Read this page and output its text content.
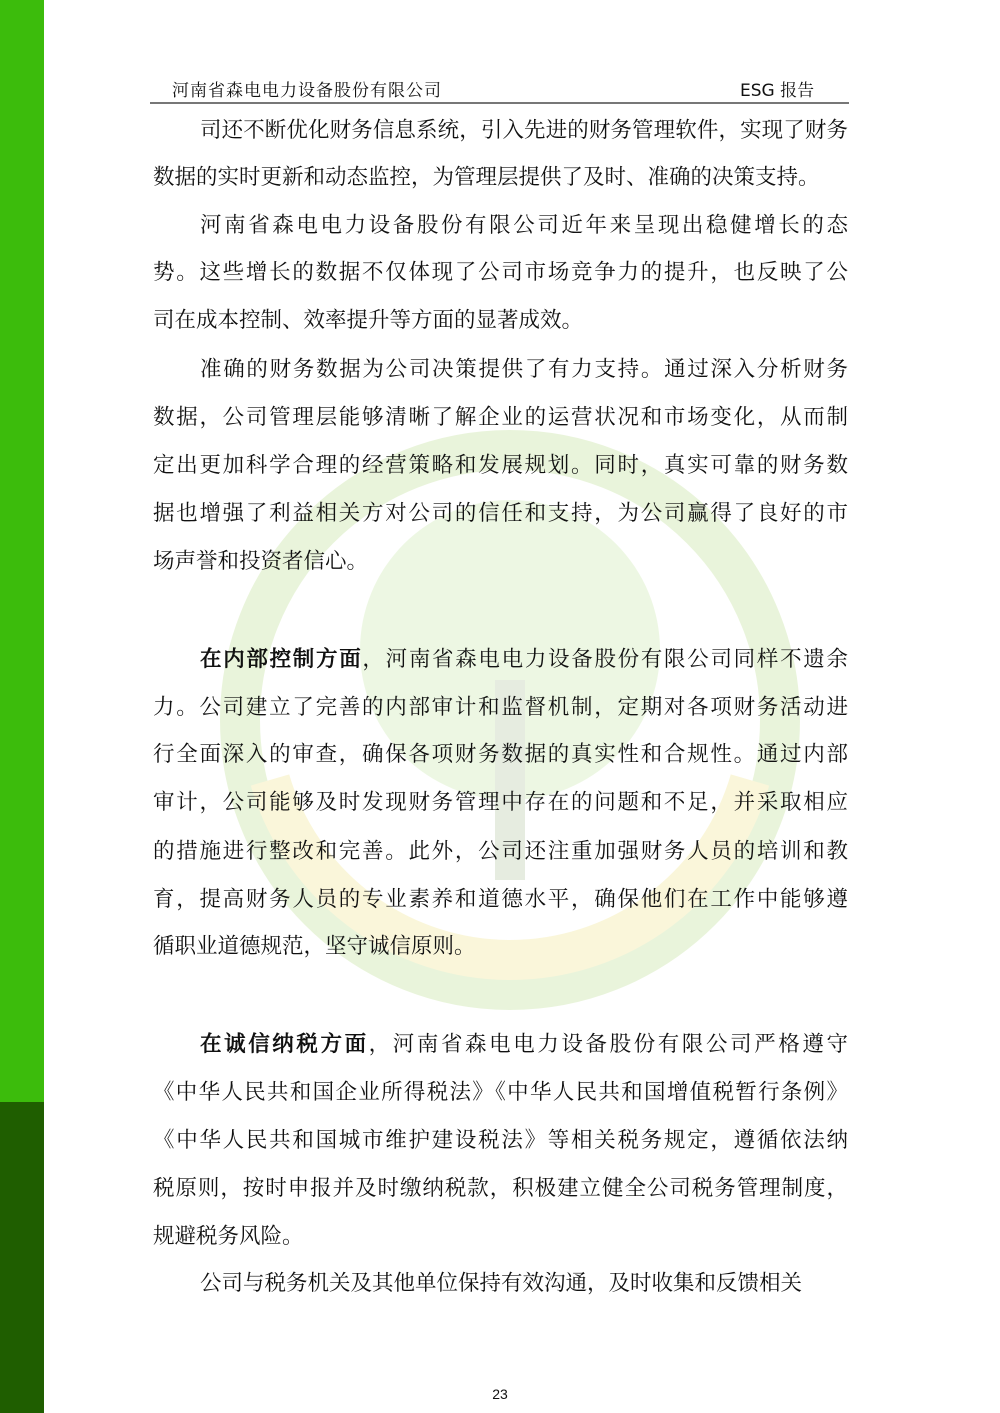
河南省森电电力设备股份有限公司	ESG 报告
司还不断优化财务信息系统，引入先进的财务管理软件，实现了财务
数据的实时更新和动态监控，为管理层提供了及时、准确的决策支持。
河南省森电电力设备股份有限公司近年来呈现出稳健增长的态
势。这些增长的数据不仅体现了公司市场竞争力的提升，也反映了公
司在成本控制、效率提升等方面的显著成效。
准确的财务数据为公司决策提供了有力支持。通过深入分析财务
数据，公司管理层能够清晰了解企业的运营状况和市场变化，从而制
定出更加科学合理的经营策略和发展规划。同时，真实可靠的财务数
据也增强了利益相关方对公司的信任和支持，为公司赢得了良好的市
场声誉和投资者信心。
在内部控制方面，河南省森电电力设备股份有限公司同样不遗余
力。公司建立了完善的内部审计和监督机制，定期对各项财务活动进
行全面深入的审查，确保各项财务数据的真实性和合规性。通过内部
审计，公司能够及时发现财务管理中存在的问题和不足，并采取相应
的措施进行整改和完善。此外，公司还注重加强财务人员的培训和教
育，提高财务人员的专业素养和道德水平，确保他们在工作中能够遵
循职业道德规范，坚守诚信原则。
在诚信纳税方面，河南省森电电力设备股份有限公司严格遵守
《中华人民共和国企业所得税法》《中华人民共和国增值税暂行条例》
《中华人民共和国城市维护建设税法》等相关税务规定，遵循依法纳
税原则，按时申报并及时缴纳税款，积极建立健全公司税务管理制度，
规避税务风险。
公司与税务机关及其他单位保持有效沟通，及时收集和反馈相关
23
